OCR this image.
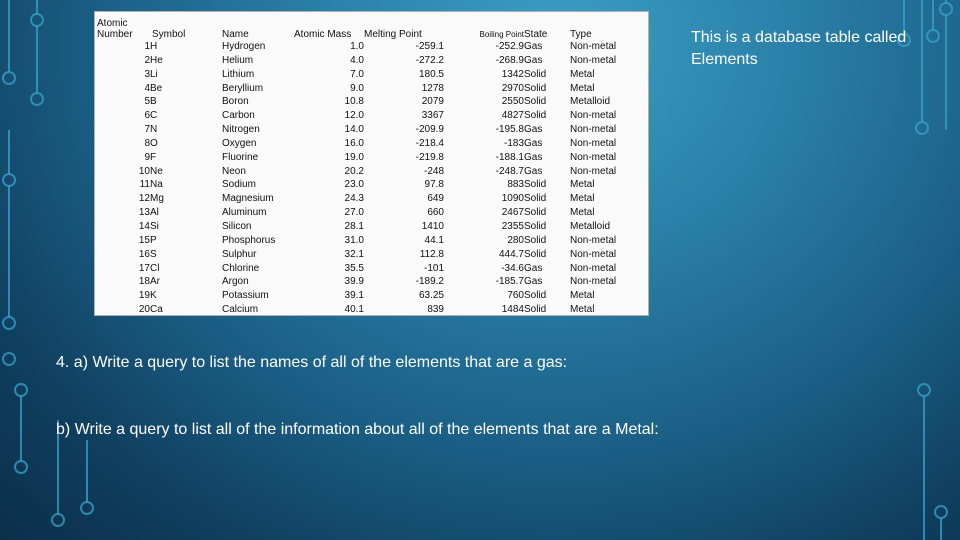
Atomic Number	Symbol	Name	Atomic Mass	Melting Point	Boiling Point	State	Type
1	H	Hydrogen	1.0	-259.1	-252.9	Gas	Non-metal
2	He	Helium	4.0	-272.2	-268.9	Gas	Non-metal
3	Li	Lithium	7.0	180.5	1342	Solid	Metal
4	Be	Beryllium	9.0	1278	2970	Solid	Metal
5	B	Boron	10.8	2079	2550	Solid	Metalloid
6	C	Carbon	12.0	3367	4827	Solid	Non-metal
7	N	Nitrogen	14.0	-209.9	-195.8	Gas	Non-metal
8	O	Oxygen	16.0	-218.4	-183	Gas	Non-metal
9	F	Fluorine	19.0	-219.8	-188.1	Gas	Non-metal
10	Ne	Neon	20.2	-248	-248.7	Gas	Non-metal
11	Na	Sodium	23.0	97.8	883	Solid	Metal
12	Mg	Magnesium	24.3	649	1090	Solid	Metal
13	Al	Aluminum	27.0	660	2467	Solid	Metal
14	Si	Silicon	28.1	1410	2355	Solid	Metalloid
15	P	Phosphorus	31.0	44.1	280	Solid	Non-metal
16	S	Sulphur	32.1	112.8	444.7	Solid	Non-metal
17	Cl	Chlorine	35.5	-101	-34.6	Gas	Non-metal
18	Ar	Argon	39.9	-189.2	-185.7	Gas	Non-metal
19	K	Potassium	39.1	63.25	760	Solid	Metal
20	Ca	Calcium	40.1	839	1484	Solid	Metal
This is a database table called Elements
4. a) Write a query to list the names of all of the elements that are a gas:
b) Write a query to list all of the information about all of the elements that are a Metal:
